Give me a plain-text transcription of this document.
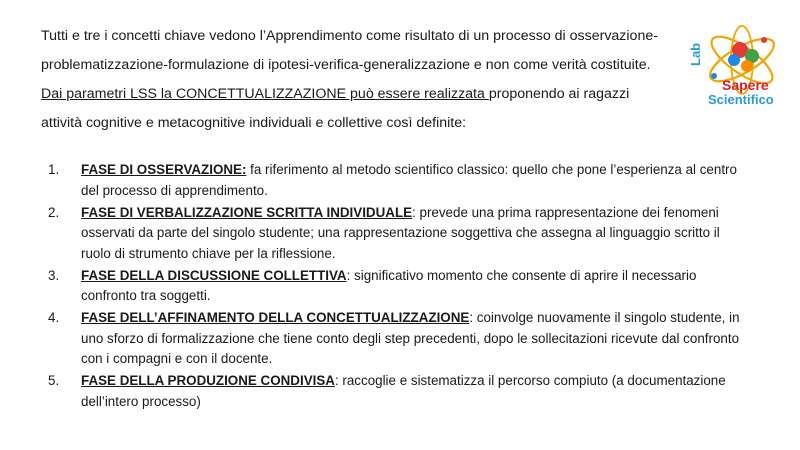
Tutti e tre i concetti chiave vedono l’Apprendimento come risultato di un processo di osservazione-

problematizzazione-formulazione di ipotesi-verifica-generalizzazione e non come verità costituite.

Dai parametri LSS la CONCETTUALIZZAZIONE può essere realizzata proponendo ai ragazzi

attività cognitive e metacognitive individuali e collettive così definite:

1. FASE DI OSSERVAZIONE: fa riferimento al metodo scientifico classico: quello che pone l’esperienza al centro del processo di apprendimento.
2. FASE DI VERBALIZZAZIONE SCRITTA INDIVIDUALE: prevede una prima rappresentazione dei fenomeni osservati da parte del singolo studente; una rappresentazione soggettiva che assegna al linguaggio scritto il ruolo di strumento chiave per la riflessione.
3. FASE DELLA DISCUSSIONE COLLETTIVA: significativo momento che consente di aprire il necessario confronto tra soggetti.
4. FASE DELL’AFFINAMENTO DELLA CONCETTUALIZZAZIONE: coinvolge nuovamente il singolo studente, in uno sforzo di formalizzazione che tiene conto degli step precedenti, dopo le sollecitazioni ricevute dal confronto con i compagni e con il docente.
5. FASE DELLA PRODUZIONE CONDIVISA: raccoglie e sistematizza il percorso compiuto (a documentazione dell’intero processo)
Lab
Sapere
Scientifico
